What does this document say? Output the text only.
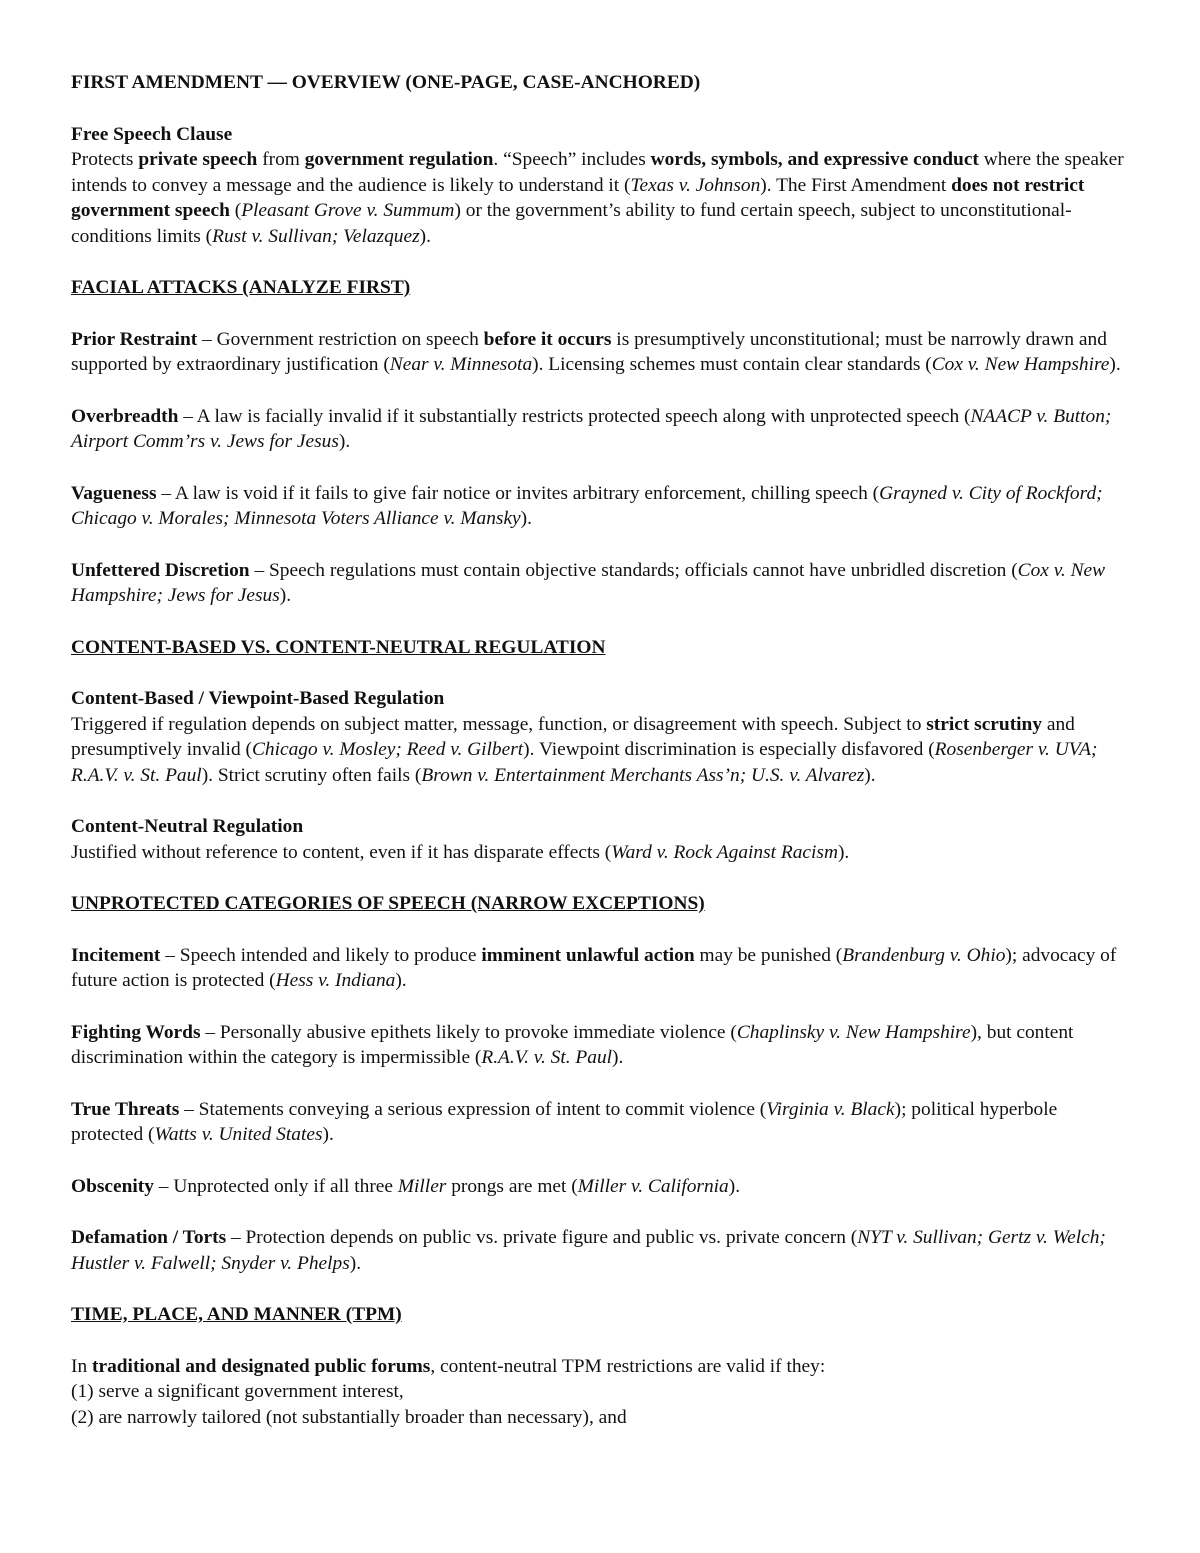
FIRST AMENDMENT — OVERVIEW (ONE-PAGE, CASE-ANCHORED)

Free Speech Clause

Protects private speech from government regulation. “Speech” includes words, symbols, and expressive conduct where the speaker intends to convey a message and the audience is likely to understand it (Texas v. Johnson). The First Amendment does not restrict government speech (Pleasant Grove v. Summum) or the government’s ability to fund certain speech, subject to unconstitutional-conditions limits (Rust v. Sullivan; Velazquez).

FACIAL ATTACKS (ANALYZE FIRST)

Prior Restraint – Government restriction on speech before it occurs is presumptively unconstitutional; must be narrowly drawn and supported by extraordinary justification (Near v. Minnesota). Licensing schemes must contain clear standards (Cox v. New Hampshire).

Overbreadth – A law is facially invalid if it substantially restricts protected speech along with unprotected speech (NAACP v. Button; Airport Comm’rs v. Jews for Jesus).

Vagueness – A law is void if it fails to give fair notice or invites arbitrary enforcement, chilling speech (Grayned v. City of Rockford; Chicago v. Morales; Minnesota Voters Alliance v. Mansky).

Unfettered Discretion – Speech regulations must contain objective standards; officials cannot have unbridled discretion (Cox v. New Hampshire; Jews for Jesus).

CONTENT-BASED VS. CONTENT-NEUTRAL REGULATION

Content-Based / Viewpoint-Based Regulation

Triggered if regulation depends on subject matter, message, function, or disagreement with speech. Subject to strict scrutiny and presumptively invalid (Chicago v. Mosley; Reed v. Gilbert). Viewpoint discrimination is especially disfavored (Rosenberger v. UVA; R.A.V. v. St. Paul). Strict scrutiny often fails (Brown v. Entertainment Merchants Ass’n; U.S. v. Alvarez).

Content-Neutral Regulation

Justified without reference to content, even if it has disparate effects (Ward v. Rock Against Racism).

UNPROTECTED CATEGORIES OF SPEECH (NARROW EXCEPTIONS)

Incitement – Speech intended and likely to produce imminent unlawful action may be punished (Brandenburg v. Ohio); advocacy of future action is protected (Hess v. Indiana).

Fighting Words – Personally abusive epithets likely to provoke immediate violence (Chaplinsky v. New Hampshire), but content discrimination within the category is impermissible (R.A.V. v. St. Paul).

True Threats – Statements conveying a serious expression of intent to commit violence (Virginia v. Black); political hyperbole protected (Watts v. United States).

Obscenity – Unprotected only if all three Miller prongs are met (Miller v. California).

Defamation / Torts – Protection depends on public vs. private figure and public vs. private concern (NYT v. Sullivan; Gertz v. Welch; Hustler v. Falwell; Snyder v. Phelps).

TIME, PLACE, AND MANNER (TPM)

In traditional and designated public forums, content-neutral TPM restrictions are valid if they:

(1) serve a significant government interest,

(2) are narrowly tailored (not substantially broader than necessary), and
